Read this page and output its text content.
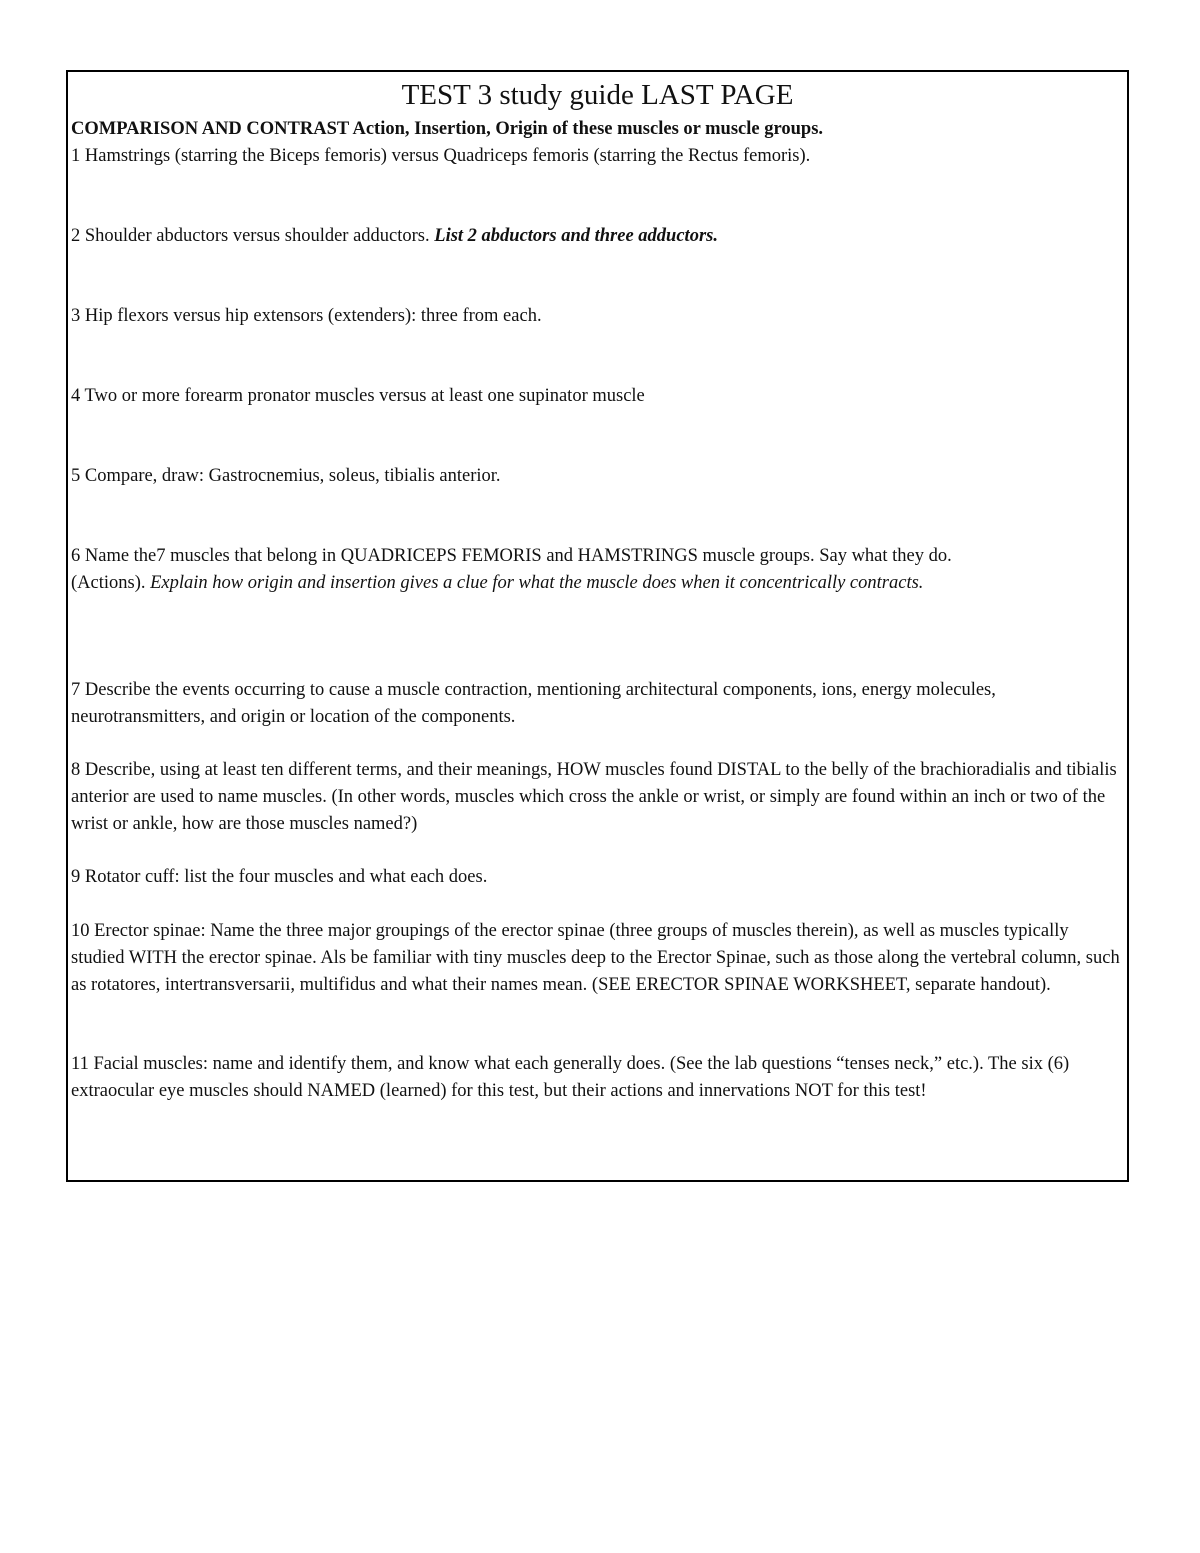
TEST 3 study guide LAST PAGE

COMPARISON AND CONTRAST Action, Insertion, Origin of these muscles or muscle groups.

1 Hamstrings (starring the Biceps femoris) versus Quadriceps femoris (starring the Rectus femoris).

2 Shoulder abductors versus shoulder adductors. List 2 abductors and three adductors.

3 Hip flexors versus hip extensors (extenders): three from each.

4 Two or more forearm pronator muscles versus at least one supinator muscle

5 Compare, draw: Gastrocnemius, soleus, tibialis anterior.

6 Name the7 muscles that belong in QUADRICEPS FEMORIS and HAMSTRINGS muscle groups. Say what they do.

(Actions). Explain how origin and insertion gives a clue for what the muscle does when it concentrically contracts.

7 Describe the events occurring to cause a muscle contraction, mentioning architectural components, ions, energy molecules, neurotransmitters, and origin or location of the components.

8 Describe, using at least ten different terms, and their meanings, HOW muscles found DISTAL to the belly of the brachioradialis and tibialis anterior are used to name muscles. (In other words, muscles which cross the ankle or wrist, or simply are found within an inch or two of the wrist or ankle, how are those muscles named?)

9 Rotator cuff: list the four muscles and what each does.

10 Erector spinae: Name the three major groupings of the erector spinae (three groups of muscles therein), as well as muscles typically studied WITH the erector spinae. Als be familiar with tiny muscles deep to the Erector Spinae, such as those along the vertebral column, such as rotatores, intertransversarii, multifidus and what their names mean. (SEE ERECTOR SPINAE WORKSHEET, separate handout).

11 Facial muscles: name and identify them, and know what each generally does. (See the lab questions “tenses neck,” etc.). The six (6) extraocular eye muscles should NAMED (learned) for this test, but their actions and innervations NOT for this test!
